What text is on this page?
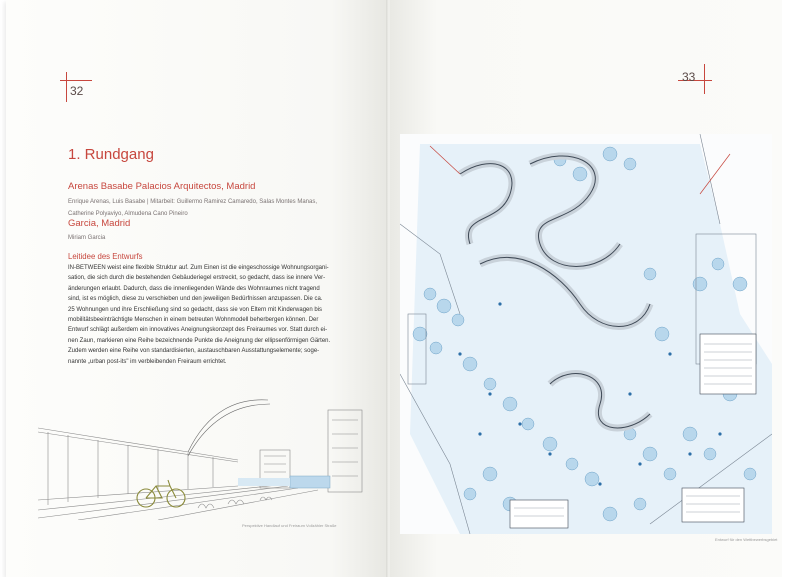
32
1. Rundgang
Arenas Basabe Palacios Arquitectos, Madrid
Enrique Arenas, Luis Basabe | Mitarbeit: Guillermo Ramirez Camaredo, Salas Montes Manas,
Catherine Polyaviyo, Almudena Cano Pineiro
Garcia, Madrid
Miriam Garcia
Leitidee des Entwurfs
IN-BETWEEN weist eine flexible Struktur auf. Zum Einen ist die eingeschossige Wohnungsorgani-
sation, die sich durch die bestehenden Gebäuderiegel erstreckt, so gedacht, dass ise innere Ver-
änderungen erlaubt. Dadurch, dass die innenliegenden Wände des Wohnraumes nicht tragend
sind, ist es möglich, diese zu verschieben und den jeweiligen Bedürfnissen anzupassen. Die ca.
25 Wohnungen und ihre Erschließung sind so gedacht, dass sie von Eltern mit Kinderwagen bis
mobilitätsbeeinträchtigte Menschen in einem betreuten Wohnmodell beherbergen können. Der
Entwurf schlägt außerdem ein innovatives Aneignungskonzept des Freiraumes vor. Statt durch ei-
nen Zaun, markieren eine Reihe bezeichnende Punkte die Aneignung der ellipsenförmigen Gärten.
Zudem werden eine Reihe von standardisierten, austauschbaren Ausstattungselemente; soge-
nannte „urban post-its" im verbleibenden Freiraum errichtet.
Perspektive Handlauf und Freiraum Vollzähler Straße
33
Entwurf für den Wettbewerbsgebiet
